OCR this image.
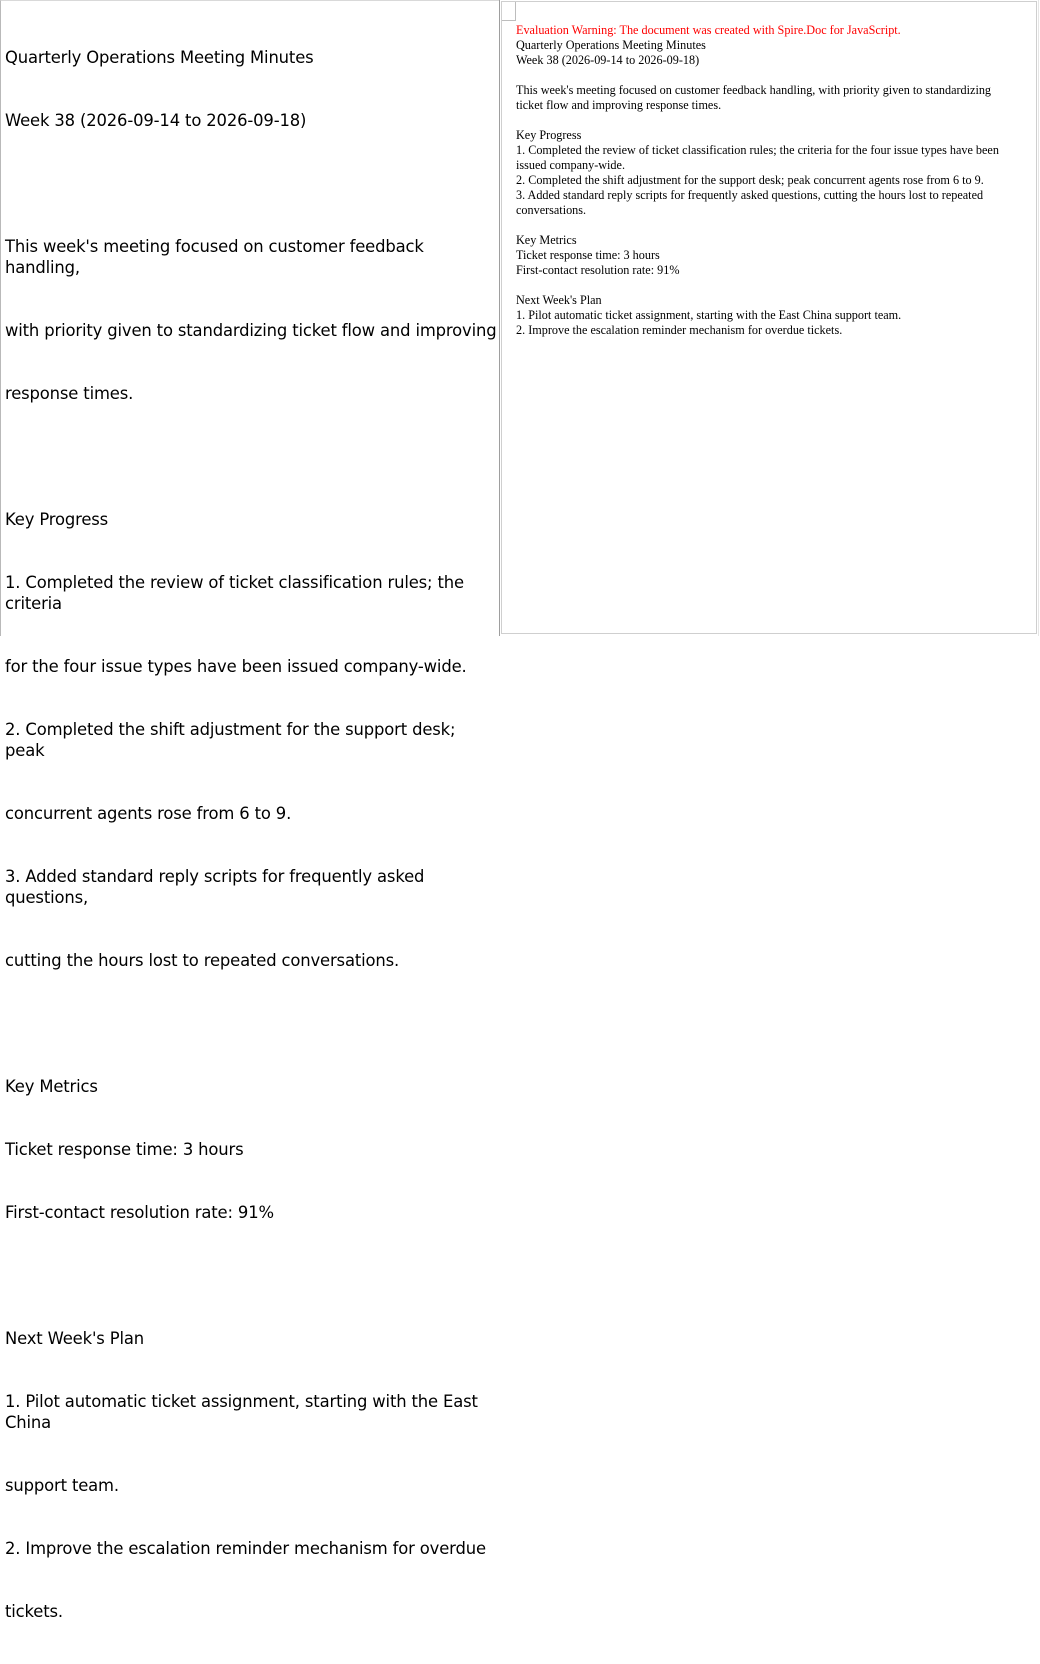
Quarterly Operations Meeting Minutes

Week 38 (2026-09-14 to 2026-09-18)

This week's meeting focused on customer feedback handling,

with priority given to standardizing ticket flow and improving

response times.

Key Progress

1. Completed the review of ticket classification rules; the criteria

for the four issue types have been issued company-wide.

2. Completed the shift adjustment for the support desk; peak

concurrent agents rose from 6 to 9.

3. Added standard reply scripts for frequently asked questions,

cutting the hours lost to repeated conversations.

Key Metrics

Ticket response time: 3 hours

First-contact resolution rate: 91%

Next Week's Plan

1. Pilot automatic ticket assignment, starting with the East China

support team.

2. Improve the escalation reminder mechanism for overdue

tickets.

Evaluation Warning: The document was created with Spire.Doc for JavaScript.
Quarterly Operations Meeting Minutes
Week 38 (2026-09-14 to 2026-09-18)
This week's meeting focused on customer feedback handling, with priority given to standardizing
ticket flow and improving response times.
Key Progress
1. Completed the review of ticket classification rules; the criteria for the four issue types have been
issued company-wide.
2. Completed the shift adjustment for the support desk; peak concurrent agents rose from 6 to 9.
3. Added standard reply scripts for frequently asked questions, cutting the hours lost to repeated
conversations.
Key Metrics
Ticket response time: 3 hours
First-contact resolution rate: 91%
Next Week's Plan
1. Pilot automatic ticket assignment, starting with the East China support team.
2. Improve the escalation reminder mechanism for overdue tickets.
